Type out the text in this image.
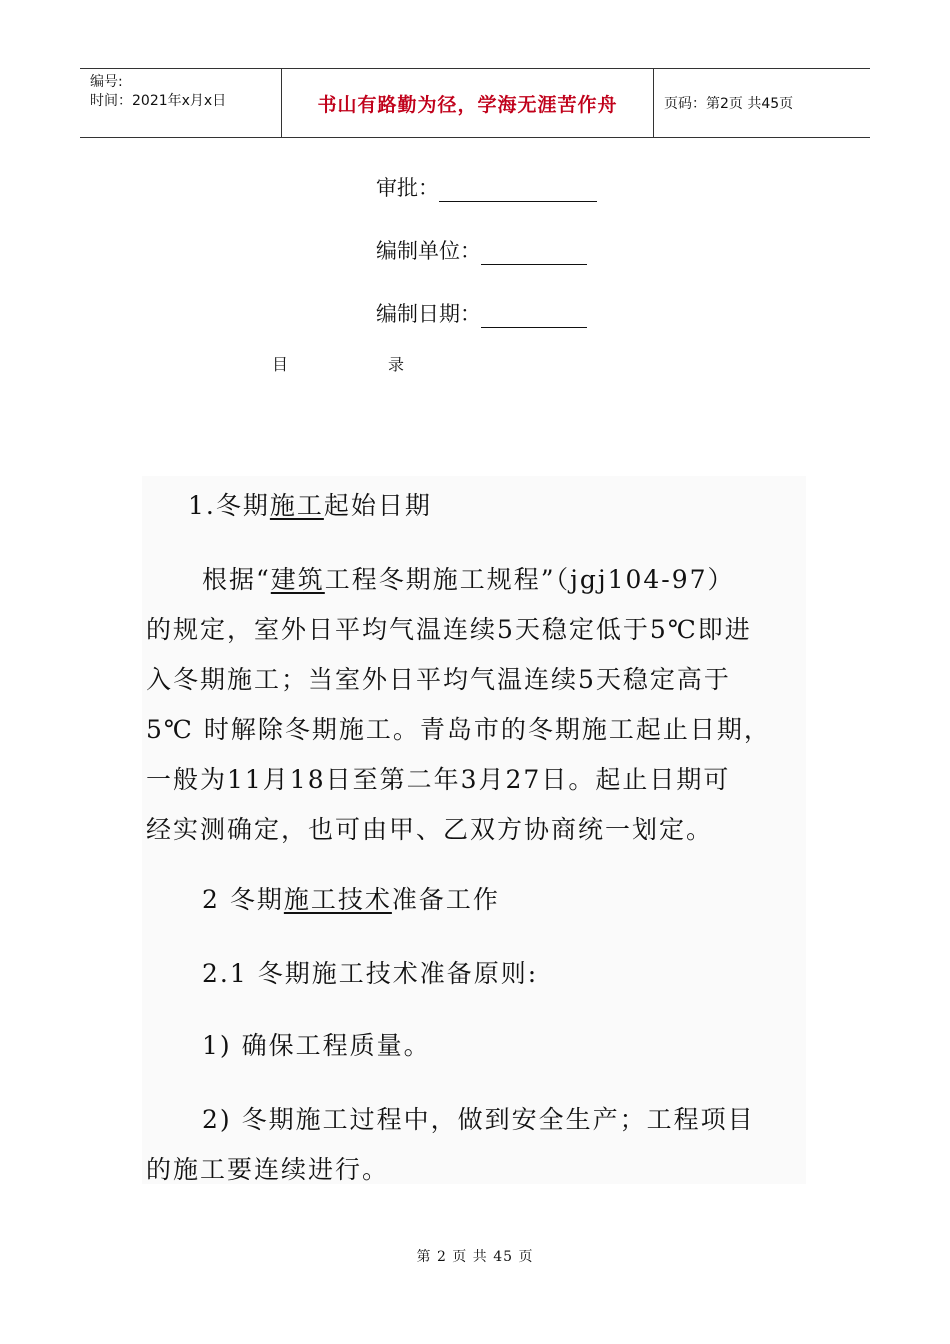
编号:
时间：2021年x月x日	书山有路勤为径，学海无涯苦作舟	页码：第2页 共45页
审批：
编制单位：
编制日期：
目	录
1.冬期施工起始日期
根据“建筑工程冬期施工规程”（jgj104-97）
的规定，室外日平均气温连续5天稳定低于5℃即进
入冬期施工；当室外日平均气温连续5天稳定高于
5℃ 时解除冬期施工。青岛市的冬期施工起止日期，
一般为11月18日至第二年3月27日。起止日期可
经实测确定，也可由甲、乙双方协商统一划定。
2 冬期施工技术准备工作
2.1 冬期施工技术准备原则:
1) 确保工程质量。
2) 冬期施工过程中，做到安全生产；工程项目
的施工要连续进行。
第 2 页 共 45 页
